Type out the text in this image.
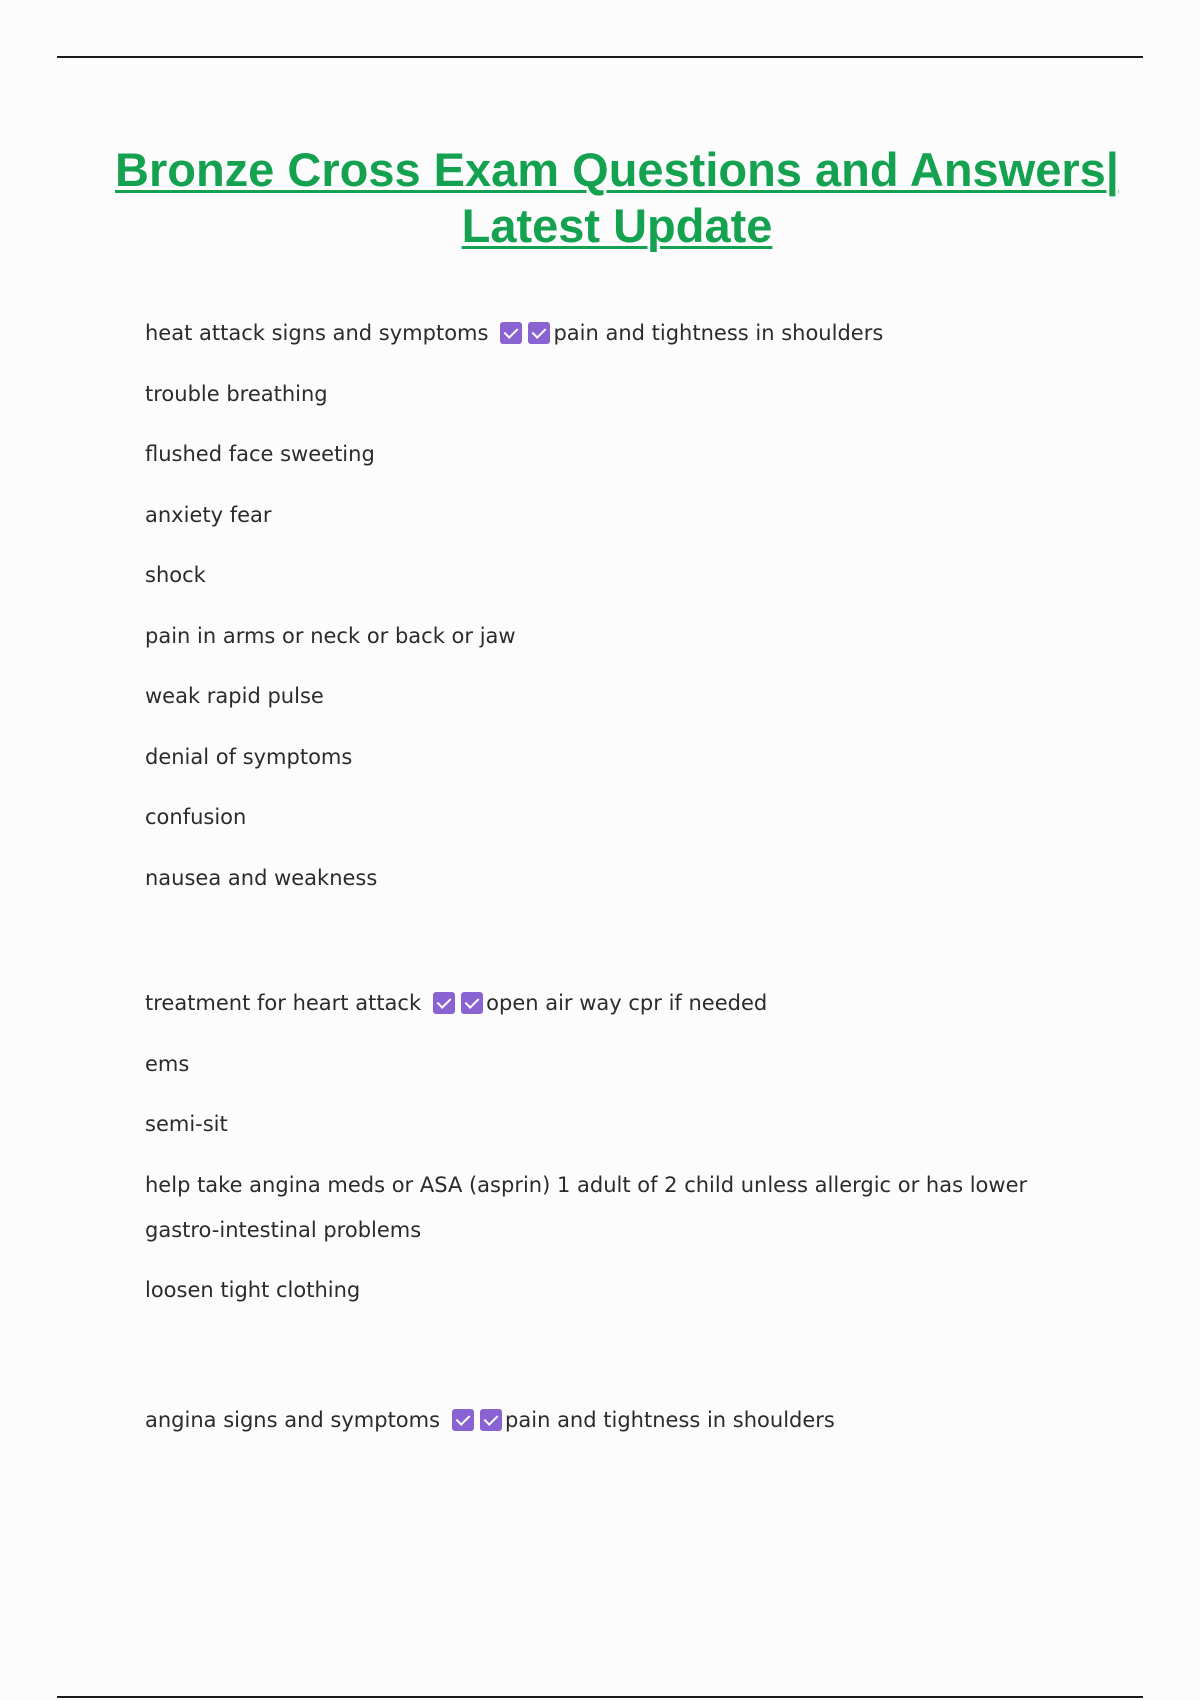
Bronze Cross Exam Questions and Answers| Latest Update
heat attack signs and symptoms	pain and tightness in shoulders
trouble breathing
flushed face sweeting
anxiety fear
shock
pain in arms or neck or back or jaw
weak rapid pulse
denial of symptoms
confusion
nausea and weakness
treatment for heart attack	open air way cpr if needed
ems
semi-sit
help take angina meds or ASA (asprin) 1 adult of 2 child unless allergic or has lower gastro-intestinal problems
loosen tight clothing
angina signs and symptoms	pain and tightness in shoulders
